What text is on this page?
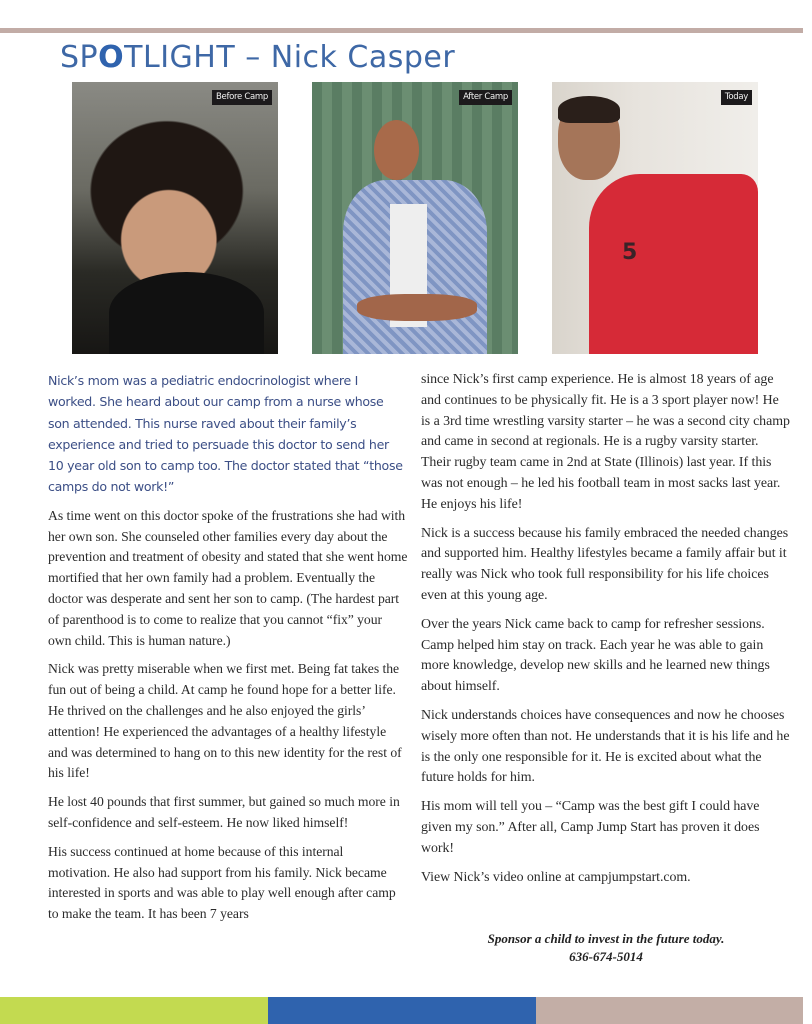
SPOTLIGHT – Nick Casper
Before Camp	After Camp
5
Today

Nick’s mom was a pediatric endocrinologist where I worked. She heard about our camp from a nurse whose son attended. This nurse raved about their family’s experience and tried to persuade this doctor to send her 10 year old son to camp too. The doctor stated that “those camps do not work!”

As time went on this doctor spoke of the frustrations she had with her own son. She counseled other families every day about the prevention and treatment of obesity and stated that she went home mortified that her own family had a problem. Eventually the doctor was desperate and sent her son to camp. (The hardest part of parenthood is to come to realize that you cannot “fix” your own child. This is human nature.)

Nick was pretty miserable when we first met. Being fat takes the fun out of being a child. At camp he found hope for a better life. He thrived on the challenges and he also enjoyed the girls’ attention! He experienced the advantages of a healthy lifestyle and was determined to hang on to this new identity for the rest of his life!

He lost 40 pounds that first summer, but gained so much more in self-confidence and self-esteem. He now liked himself!

His success continued at home because of this internal motivation. He also had support from his family. Nick became interested in sports and was able to play well enough after camp to make the team. It has been 7 years

since Nick’s first camp experience. He is almost 18 years of age and continues to be physically fit. He is a 3 sport player now! He is a 3rd time wrestling varsity starter – he was a second city champ and came in second at regionals. He is a rugby varsity starter. Their rugby team came in 2nd at State (Illinois) last year. If this was not enough – he led his football team in most sacks last year. He enjoys his life!

Nick is a success because his family embraced the needed changes and supported him. Healthy lifestyles became a family affair but it really was Nick who took full responsibility for his life choices even at this young age.

Over the years Nick came back to camp for refresher sessions. Camp helped him stay on track. Each year he was able to gain more knowledge, develop new skills and he learned new things about himself.

Nick understands choices have consequences and now he chooses wisely more often than not. He understands that it is his life and he is the only one responsible for it. He is excited about what the future holds for him.

His mom will tell you – “Camp was the best gift I could have given my son.” After all, Camp Jump Start has proven it does work!

View Nick’s video online at campjumpstart.com.

Sponsor a child to invest in the future today.
636-674-5014
